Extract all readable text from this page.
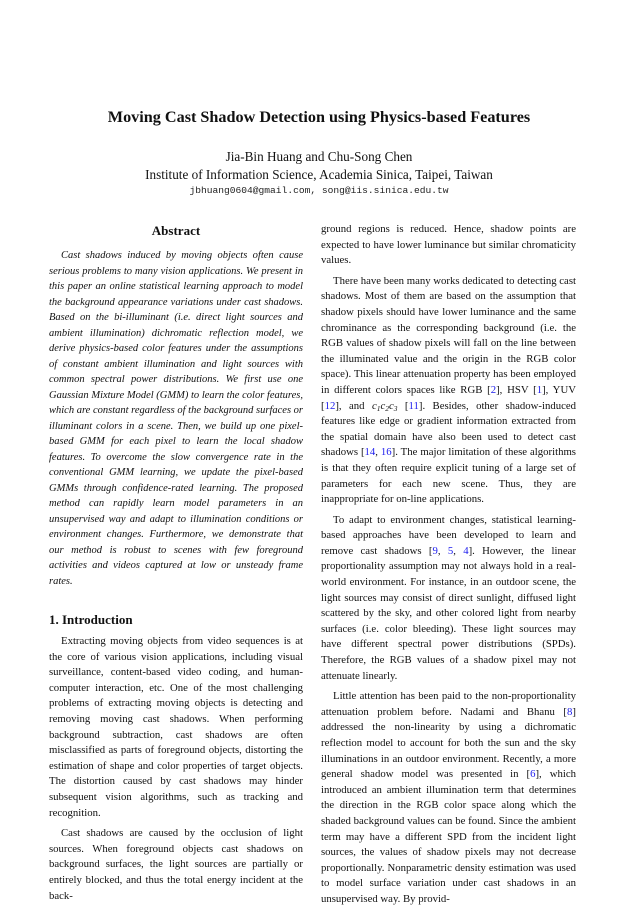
Moving Cast Shadow Detection using Physics-based Features
Jia-Bin Huang and Chu-Song Chen
Institute of Information Science, Academia Sinica, Taipei, Taiwan
jbhuang0604@gmail.com, song@iis.sinica.edu.tw
Abstract

Cast shadows induced by moving objects often cause serious problems to many vision applications. We present in this paper an online statistical learning approach to model the background appearance variations under cast shadows. Based on the bi-illuminant (i.e. direct light sources and ambient illumination) dichromatic reflection model, we derive physics-based color features under the assumptions of constant ambient illumination and light sources with common spectral power distributions. We first use one Gaussian Mixture Model (GMM) to learn the color features, which are constant regardless of the background surfaces or illuminant colors in a scene. Then, we build up one pixel-based GMM for each pixel to learn the local shadow features. To overcome the slow convergence rate in the conventional GMM learning, we update the pixel-based GMMs through confidence-rated learning. The proposed method can rapidly learn model parameters in an unsupervised way and adapt to illumination conditions or environment changes. Furthermore, we demonstrate that our method is robust to scenes with few foreground activities and videos captured at low or unsteady frame rates.

1. Introduction

Extracting moving objects from video sequences is at the core of various vision applications, including visual surveillance, content-based video coding, and human-computer interaction, etc. One of the most challenging problems of extracting moving objects is detecting and removing moving cast shadows. When performing background subtraction, cast shadows are often misclassified as parts of foreground objects, distorting the estimation of shape and color properties of target objects. The distortion caused by cast shadows may hinder subsequent vision algorithms, such as tracking and recognition.

Cast shadows are caused by the occlusion of light sources. When foreground objects cast shadows on background surfaces, the light sources are partially or entirely blocked, and thus the total energy incident at the back-

ground regions is reduced. Hence, shadow points are expected to have lower luminance but similar chromaticity values.

There have been many works dedicated to detecting cast shadows. Most of them are based on the assumption that shadow pixels should have lower luminance and the same chrominance as the corresponding background (i.e. the RGB values of shadow pixels will fall on the line between the illuminated value and the origin in the RGB color space). This linear attenuation property has been employed in different colors spaces like RGB [2], HSV [1], YUV [12], and $c_1c_2c_3$ [11]. Besides, other shadow-induced features like edge or gradient information extracted from the spatial domain have also been used to detect cast shadows [14, 16]. The major limitation of these algorithms is that they often require explicit tuning of a large set of parameters for each new scene. Thus, they are inappropriate for on-line applications.

To adapt to environment changes, statistical learning-based approaches have been developed to learn and remove cast shadows [9, 5, 4]. However, the linear proportionality assumption may not always hold in a real-world environment. For instance, in an outdoor scene, the light sources may consist of direct sunlight, diffused light scattered by the sky, and other colored light from nearby surfaces (i.e. color bleeding). These light sources may have different spectral power distributions (SPDs). Therefore, the RGB values of a shadow pixel may not attenuate linearly.

Little attention has been paid to the non-proportionality attenuation problem before. Nadami and Bhanu [8] addressed the non-linearity by using a dichromatic reflection model to account for both the sun and the sky illuminations in an outdoor environment. Recently, a more general shadow model was presented in [6], which introduced an ambient illumination term that determines the direction in the RGB color space along which the shaded background values can be found. Since the ambient term may have a different SPD from the incident light sources, the values of shadow pixels may not decrease proportionally. Nonparametric density estimation was used to model surface variation under cast shadows in an unsupervised way. By provid-
